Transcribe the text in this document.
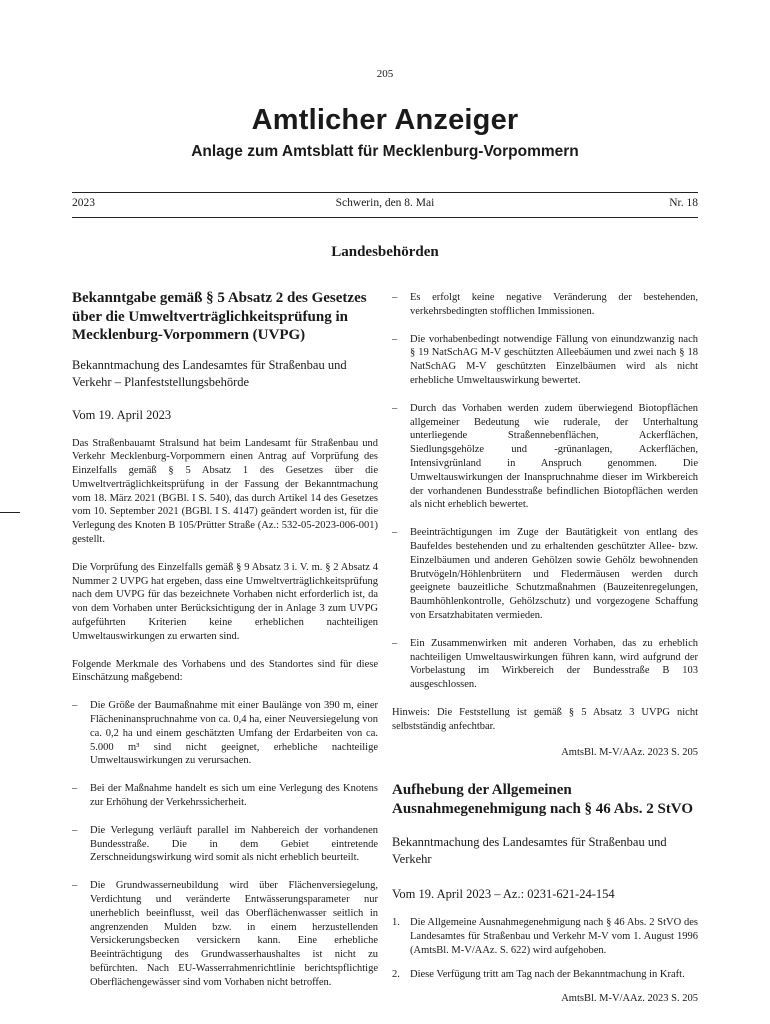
205
Amtlicher Anzeiger
Anlage zum Amtsblatt für Mecklenburg-Vorpommern
Schwerin, den 8. Mai
2023	Nr. 18
Landesbehörden
Bekanntgabe gemäß § 5 Absatz 2 des Gesetzes über die Umweltverträglichkeitsprüfung in Mecklenburg-Vorpommern (UVPG)

Bekanntmachung des Landesamtes für Straßenbau und Verkehr – Planfeststellungsbehörde

Vom 19. April 2023

Das Straßenbauamt Stralsund hat beim Landesamt für Straßenbau und Verkehr Mecklenburg-Vorpommern einen Antrag auf Vorprüfung des Einzelfalls gemäß § 5 Absatz 1 des Gesetzes über die Umweltverträglichkeitsprüfung in der Fassung der Bekanntmachung vom 18. März 2021 (BGBl. I S. 540), das durch Artikel 14 des Gesetzes vom 10. September 2021 (BGBl. I S. 4147) geändert worden ist, für die Verlegung des Knoten B 105/Prütter Straße (Az.: 532-05-2023-006-001) gestellt.

Die Vorprüfung des Einzelfalls gemäß § 9 Absatz 3 i. V. m. § 2 Absatz 4 Nummer 2 UVPG hat ergeben, dass eine Umweltverträglichkeitsprüfung nach dem UVPG für das bezeichnete Vorhaben nicht erforderlich ist, da von dem Vorhaben unter Berücksichtigung der in Anlage 3 zum UVPG aufgeführten Kriterien keine erheblichen nachteiligen Umweltauswirkungen zu erwarten sind.

Folgende Merkmale des Vorhabens und des Standortes sind für diese Einschätzung maßgebend:

– Die Größe der Baumaßnahme mit einer Baulänge von 390 m, einer Flächeninanspruchnahme von ca. 0,4 ha, einer Neuversiegelung von ca. 0,2 ha und einem geschätzten Umfang der Erdarbeiten von ca. 5.000 m³ sind nicht geeignet, erhebliche nachteilige Umweltauswirkungen zu verursachen.
– Bei der Maßnahme handelt es sich um eine Verlegung des Knotens zur Erhöhung der Verkehrssicherheit.
– Die Verlegung verläuft parallel im Nahbereich der vorhandenen Bundesstraße. Die in dem Gebiet eintretende Zerschneidungswirkung wird somit als nicht erheblich beurteilt.
– Die Grundwasserneubildung wird über Flächenversiegelung, Verdichtung und veränderte Entwässerungsparameter nur unerheblich beeinflusst, weil das Oberflächenwasser seitlich in angrenzenden Mulden bzw. in einem herzustellenden Versickerungsbecken versickern kann. Eine erhebliche Beeinträchtigung des Grundwasserhaushaltes ist nicht zu befürchten. Nach EU-Wasserrahmenrichtlinie berichtspflichtige Oberflächengewässer sind vom Vorhaben nicht betroffen.
– Es erfolgt keine negative Veränderung der bestehenden, verkehrsbedingten stofflichen Immissionen.
– Die vorhabenbedingt notwendige Fällung von einundzwanzig nach § 19 NatSchAG M-V geschützten Alleebäumen und zwei nach § 18 NatSchAG M-V geschützten Einzelbäumen wird als nicht erhebliche Umweltauswirkung bewertet.
– Durch das Vorhaben werden zudem überwiegend Biotopflächen allgemeiner Bedeutung wie ruderale, der Unterhaltung unterliegende Straßennebenflächen, Ackerflächen, Siedlungsgehölze und -grünanlagen, Ackerflächen, Intensivgrünland in Anspruch genommen. Die Umweltauswirkungen der Inanspruchnahme dieser im Wirkbereich der vorhandenen Bundesstraße befindlichen Biotopflächen werden als nicht erheblich bewertet.
– Beeinträchtigungen im Zuge der Bautätigkeit von entlang des Baufeldes bestehenden und zu erhaltenden geschützter Allee- bzw. Einzelbäumen und anderen Gehölzen sowie Gehölz bewohnenden Brutvögeln/Höhlenbrütern und Fledermäusen werden durch geeignete bauzeitliche Schutzmaßnahmen (Bauzeitenregelungen, Baumhöhlenkontrolle, Gehölzschutz) und vorgezogene Schaffung von Ersatzhabitaten vermieden.
– Ein Zusammenwirken mit anderen Vorhaben, das zu erheblich nachteiligen Umweltauswirkungen führen kann, wird aufgrund der Vorbelastung im Wirkbereich der Bundesstraße B 103 ausgeschlossen.

Hinweis: Die Feststellung ist gemäß § 5 Absatz 3 UVPG nicht selbstständig anfechtbar.

AmtsBl. M-V/AAz. 2023 S. 205

Aufhebung der Allgemeinen Ausnahmegenehmigung nach § 46 Abs. 2 StVO

Bekanntmachung des Landesamtes für Straßenbau und Verkehr

Vom 19. April 2023 – Az.: 0231-621-24-154

1. Die Allgemeine Ausnahmegenehmigung nach § 46 Abs. 2 StVO des Landesamtes für Straßenbau und Verkehr M-V vom 1. August 1996 (AmtsBl. M-V/AAz. S. 622) wird aufgehoben.
2. Diese Verfügung tritt am Tag nach der Bekanntmachung in Kraft.

AmtsBl. M-V/AAz. 2023 S. 205
